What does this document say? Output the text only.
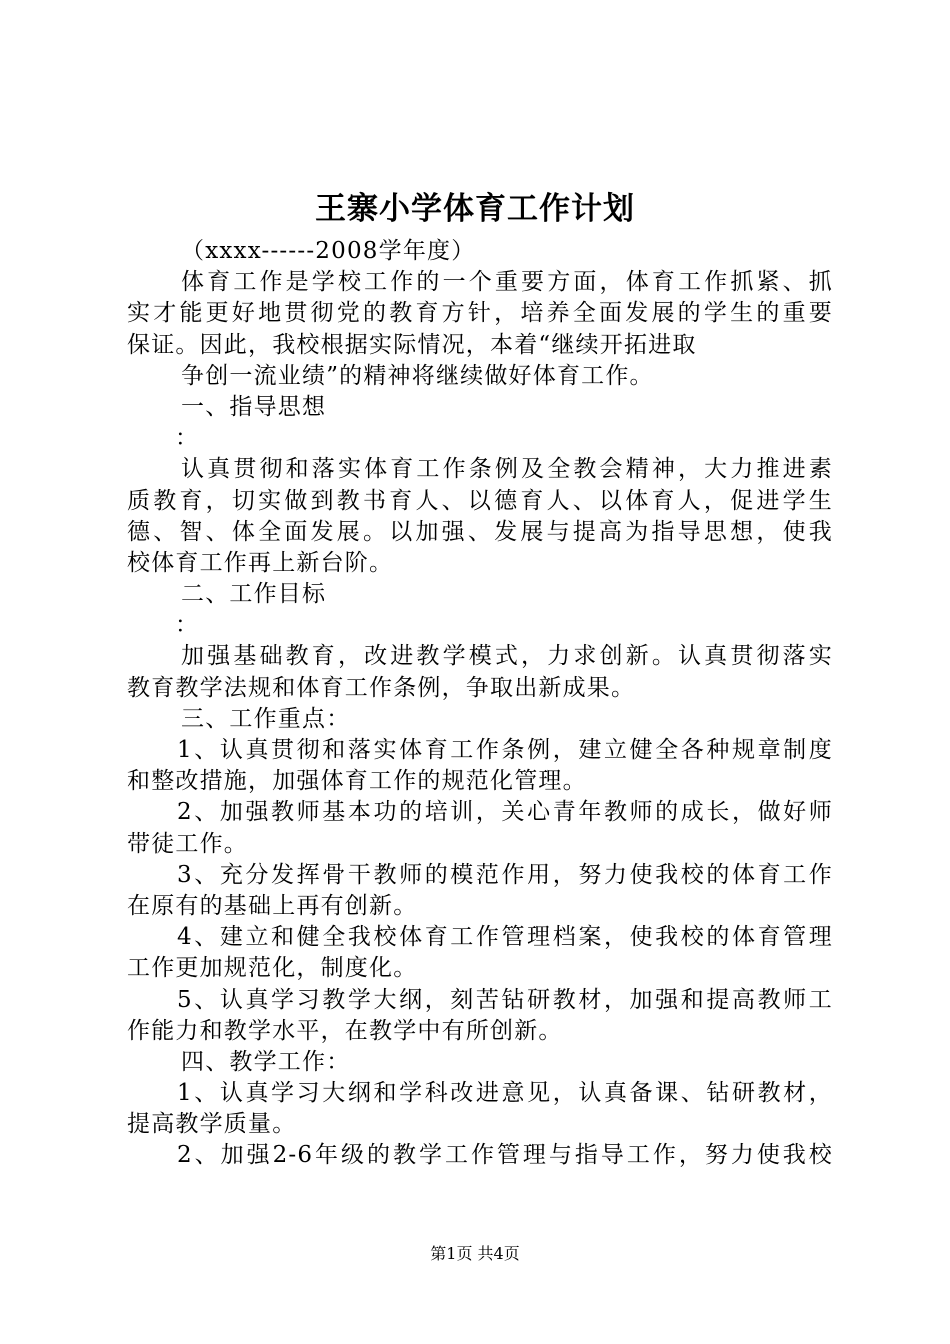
王寨小学体育工作计划
（xxxx------2008学年度）
体育工作是学校工作的一个重要方面，体育工作抓紧、抓
实才能更好地贯彻党的教育方针，培养全面发展的学生的重要
保证。因此，我校根据实际情况，本着“继续开拓进取
争创一流业绩”的精神将继续做好体育工作。
一、指导思想
：
认真贯彻和落实体育工作条例及全教会精神，大力推进素
质教育，切实做到教书育人、以德育人、以体育人，促进学生
德、智、体全面发展。以加强、发展与提高为指导思想，使我
校体育工作再上新台阶。
二、工作目标
：
加强基础教育，改进教学模式，力求创新。认真贯彻落实
教育教学法规和体育工作条例，争取出新成果。
三、工作重点：
1、认真贯彻和落实体育工作条例，建立健全各种规章制度
和整改措施，加强体育工作的规范化管理。
2、加强教师基本功的培训，关心青年教师的成长，做好师
带徒工作。
3、充分发挥骨干教师的模范作用，努力使我校的体育工作
在原有的基础上再有创新。
4、建立和健全我校体育工作管理档案，使我校的体育管理
工作更加规范化，制度化。
5、认真学习教学大纲，刻苦钻研教材，加强和提高教师工
作能力和教学水平，在教学中有所创新。
四、教学工作：
1、认真学习大纲和学科改进意见，认真备课、钻研教材，
提高教学质量。
2、加强2-6年级的教学工作管理与指导工作，努力使我校
第1页 共4页
